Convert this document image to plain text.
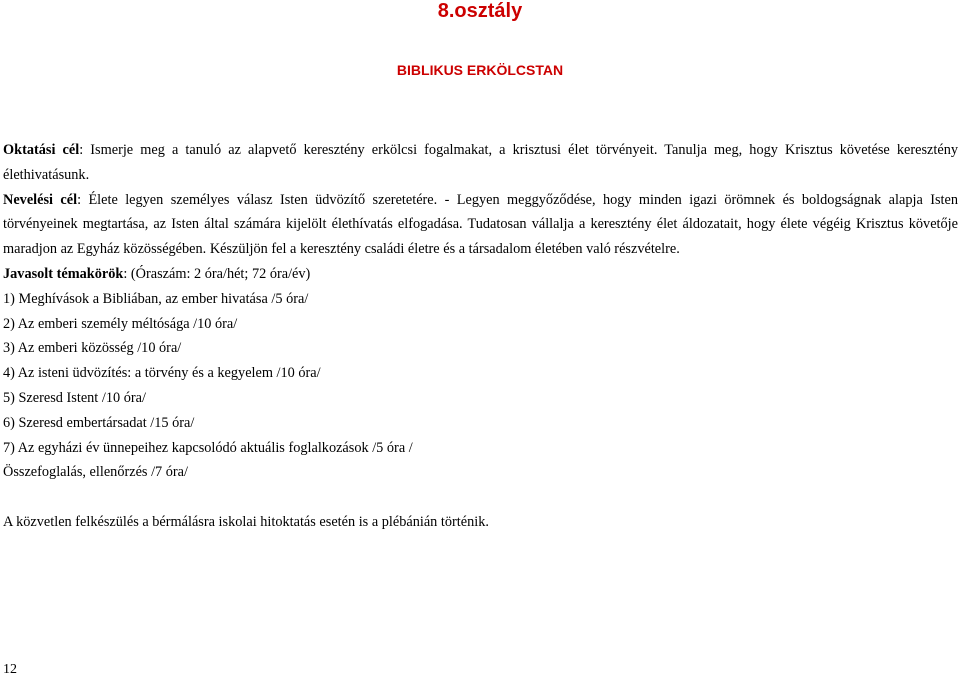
8.osztály
BIBLIKUS ERKÖLCSTAN

Oktatási cél: Ismerje meg a tanuló az alapvető keresztény erkölcsi fogalmakat, a krisztusi élet törvényeit. Tanulja meg, hogy Krisztus követése keresztény élethivatásunk.

Nevelési cél: Élete legyen személyes válasz Isten üdvözítő szeretetére. - Legyen meggyőződése, hogy minden igazi örömnek és boldogságnak alapja Isten törvényeinek megtartása, az Isten által számára kijelölt élethívatás elfogadása. Tudatosan vállalja a keresztény élet áldozatait, hogy élete végéig Krisztus követője maradjon az Egyház közösségében. Készüljön fel a keresztény családi életre és a társadalom életében való részvételre.

Javasolt témakörök: (Óraszám: 2 óra/hét; 72 óra/év)

1) Meghívások a Bibliában, az ember hivatása /5 óra/
2) Az emberi személy méltósága /10 óra/
3) Az emberi közösség /10 óra/
4) Az isteni üdvözítés: a törvény és a kegyelem /10 óra/
5) Szeresd Istent /10 óra/
6) Szeresd embertársadat /15 óra/
7) Az egyházi év ünnepeihez kapcsolódó aktuális foglalkozások /5 óra /
Összefoglalás, ellenőrzés /7 óra/

A közvetlen felkészülés a bérmálásra iskolai hitoktatás esetén is a plébánián történik.

12
